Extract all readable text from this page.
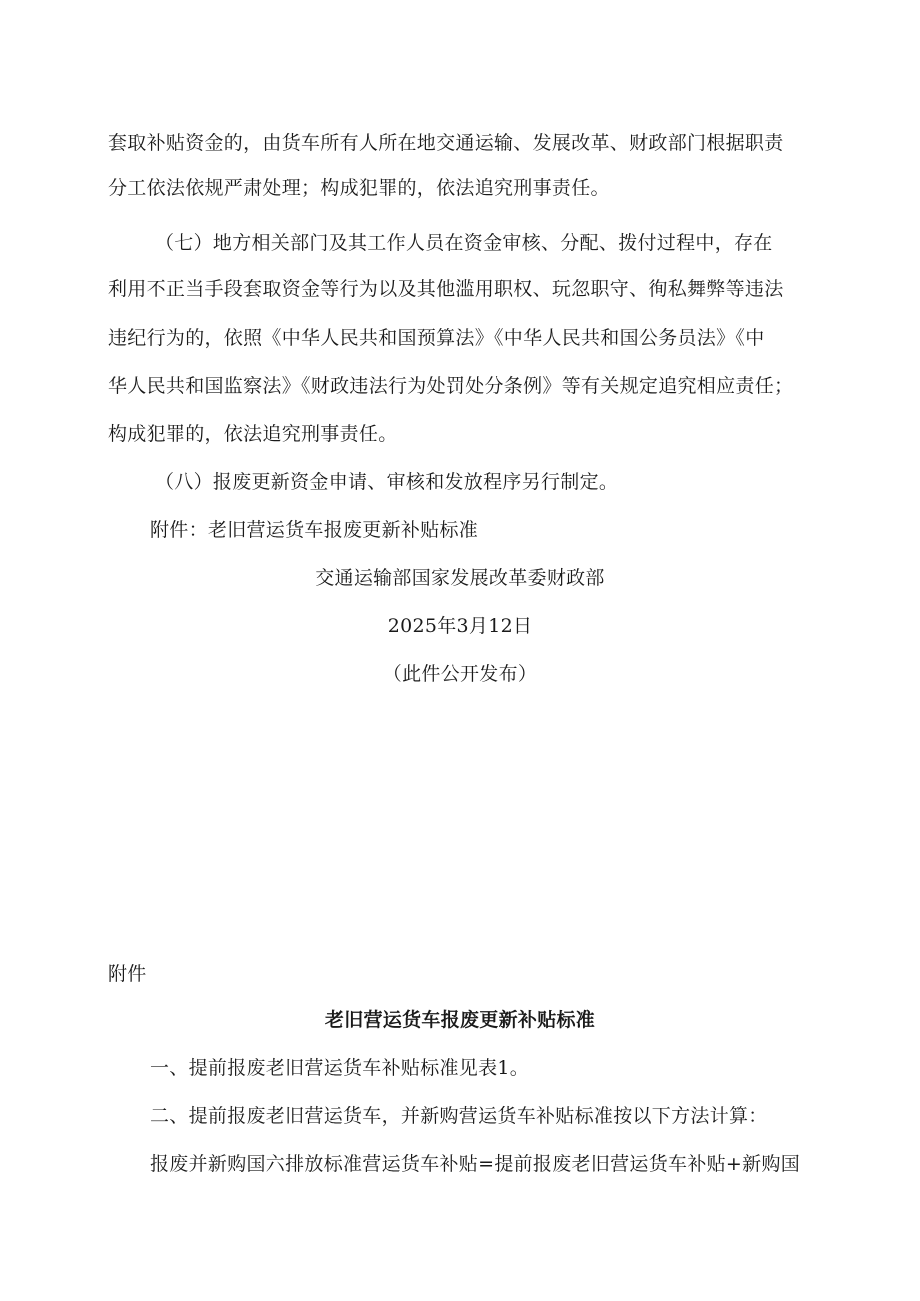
套取补贴资金的，由货车所有人所在地交通运输、发展改革、财政部门根据职责
分工依法依规严肃处理；构成犯罪的，依法追究刑事责任。
（七）地方相关部门及其工作人员在资金审核、分配、拨付过程中，存在
利用不正当手段套取资金等行为以及其他滥用职权、玩忽职守、徇私舞弊等违法
违纪行为的，依照《中华人民共和国预算法》《中华人民共和国公务员法》《中
华人民共和国监察法》《财政违法行为处罚处分条例》等有关规定追究相应责任；
构成犯罪的，依法追究刑事责任。
（八）报废更新资金申请、审核和发放程序另行制定。
附件：老旧营运货车报废更新补贴标准
交通运输部国家发展改革委财政部
2025年3月12日
（此件公开发布）
附件
老旧营运货车报废更新补贴标准
一、提前报废老旧营运货车补贴标准见表1。
二、提前报废老旧营运货车，并新购营运货车补贴标准按以下方法计算：
报废并新购国六排放标准营运货车补贴=提前报废老旧营运货车补贴+新购国
